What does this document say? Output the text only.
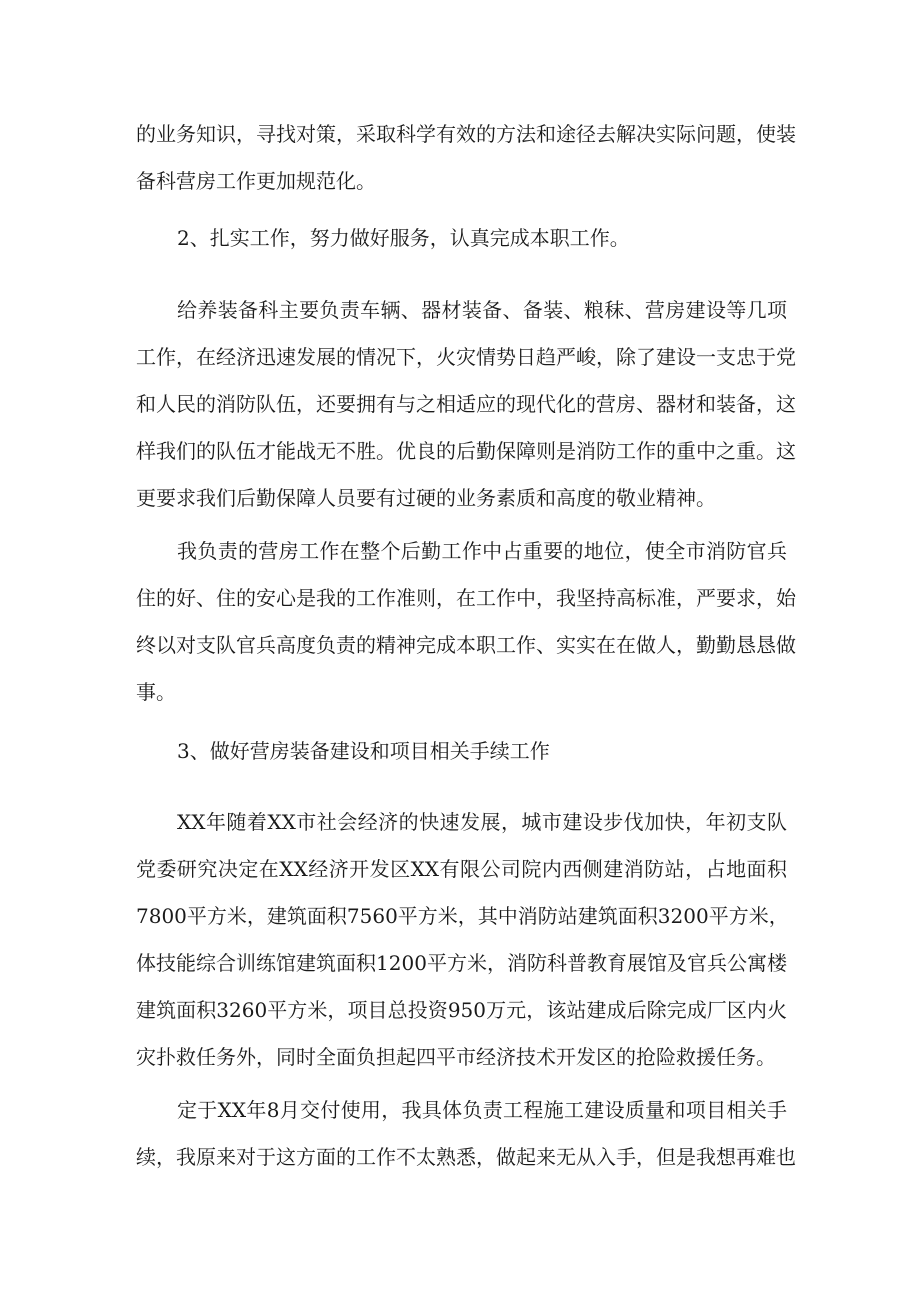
的业务知识，寻找对策，采取科学有效的方法和途径去解决实际问题，使装
备科营房工作更加规范化。
2、扎实工作，努力做好服务，认真完成本职工作。
给养装备科主要负责车辆、器材装备、备装、粮秣、营房建设等几项
工作，在经济迅速发展的情况下，火灾情势日趋严峻，除了建设一支忠于党
和人民的消防队伍，还要拥有与之相适应的现代化的营房、器材和装备，这
样我们的队伍才能战无不胜。优良的后勤保障则是消防工作的重中之重。这
更要求我们后勤保障人员要有过硬的业务素质和高度的敬业精神。
我负责的营房工作在整个后勤工作中占重要的地位，使全市消防官兵
住的好、住的安心是我的工作准则，在工作中，我坚持高标准，严要求，始
终以对支队官兵高度负责的精神完成本职工作、实实在在做人，勤勤恳恳做
事。
3、做好营房装备建设和项目相关手续工作
XX年随着XX市社会经济的快速发展，城市建设步伐加快，年初支队
党委研究决定在XX经济开发区XX有限公司院内西侧建消防站，占地面积
7800平方米，建筑面积7560平方米，其中消防站建筑面积3200平方米，
体技能综合训练馆建筑面积1200平方米，消防科普教育展馆及官兵公寓楼
建筑面积3260平方米，项目总投资950万元，该站建成后除完成厂区内火
灾扑救任务外，同时全面负担起四平市经济技术开发区的抢险救援任务。
定于XX年8月交付使用，我具体负责工程施工建设质量和项目相关手
续，我原来对于这方面的工作不太熟悉，做起来无从入手，但是我想再难也
